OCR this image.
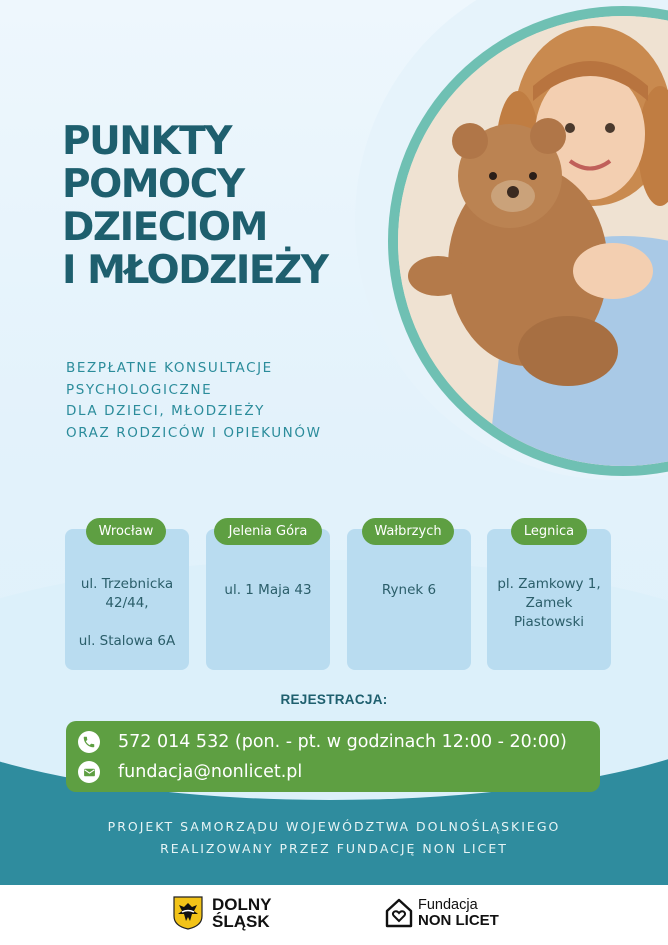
PUNKTY
POMOCY
DZIECIOM
I MŁODZIEŻY
BEZPŁATNE KONSULTACJE
PSYCHOLOGICZNE
DLA DZIECI, MŁODZIEŻY
ORAZ RODZICÓW I OPIEKUNÓW
ul. Trzebnicka
42/44,
ul. Stalowa 6A
Wrocław
ul. 1 Maja 43
Jelenia Góra
Rynek 6
Wałbrzych
pl. Zamkowy 1,
Zamek
Piastowski
Legnica
REJESTRACJA:
572 014 532 (pon. - pt. w godzinach 12:00 - 20:00)
fundacja@nonlicet.pl
PROJEKT SAMORZĄDU WOJEWÓDZTWA DOLNOŚLĄSKIEGO
REALIZOWANY PRZEZ FUNDACJĘ NON LICET
DOLNY
ŚLĄSK
Fundacja
NON LICET
